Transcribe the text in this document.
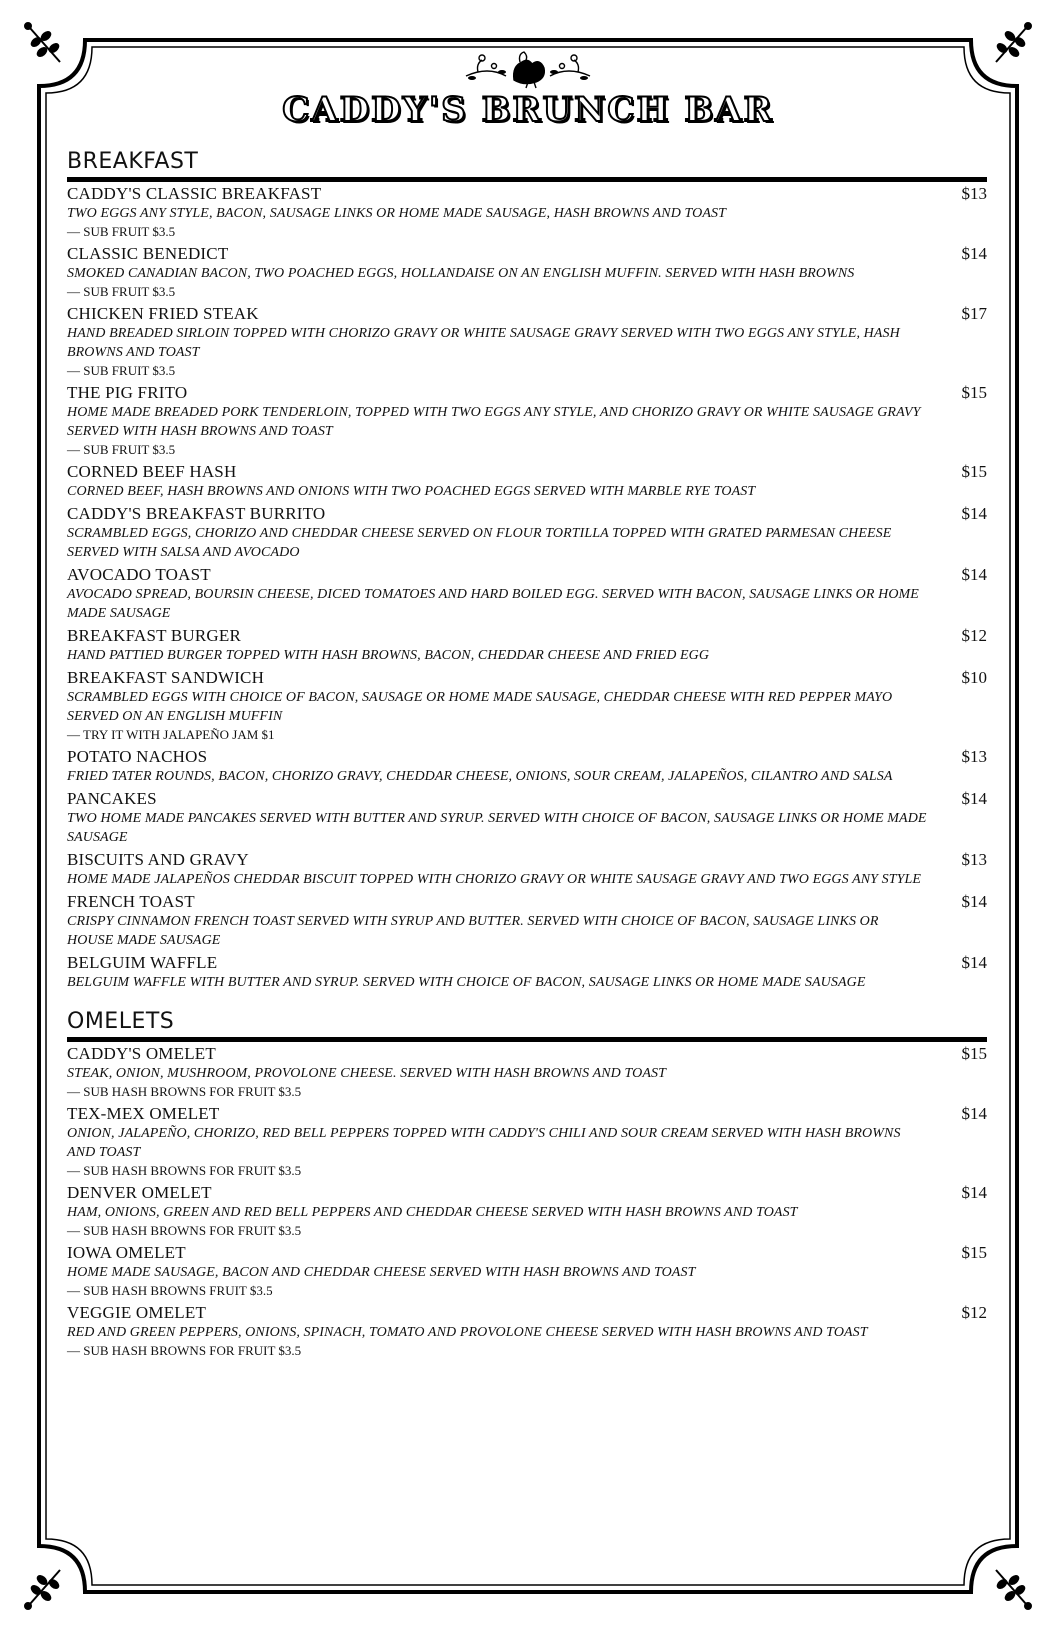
CADDY'S BRUNCH BAR
BREAKFAST
CADDY'S CLASSIC BREAKFAST	$13
TWO EGGS ANY STYLE, BACON, SAUSAGE LINKS OR HOME MADE SAUSAGE, HASH BROWNS AND TOAST
— SUB FRUIT $3.5
CLASSIC BENEDICT	$14
SMOKED CANADIAN BACON, TWO POACHED EGGS, HOLLANDAISE ON AN ENGLISH MUFFIN. SERVED WITH HASH BROWNS
— SUB FRUIT $3.5
CHICKEN FRIED STEAK	$17
HAND BREADED SIRLOIN TOPPED WITH CHORIZO GRAVY OR WHITE SAUSAGE GRAVY SERVED WITH TWO EGGS ANY STYLE, HASH BROWNS AND TOAST
— SUB FRUIT $3.5
THE PIG FRITO	$15
HOME MADE BREADED PORK TENDERLOIN, TOPPED WITH TWO EGGS ANY STYLE, AND CHORIZO GRAVY OR WHITE SAUSAGE GRAVY SERVED WITH HASH BROWNS AND TOAST
— SUB FRUIT $3.5
CORNED BEEF HASH	$15
CORNED BEEF, HASH BROWNS AND ONIONS WITH TWO POACHED EGGS SERVED WITH MARBLE RYE TOAST
CADDY'S BREAKFAST BURRITO	$14
SCRAMBLED EGGS, CHORIZO AND CHEDDAR CHEESE SERVED ON FLOUR TORTILLA TOPPED WITH GRATED PARMESAN CHEESE SERVED WITH SALSA AND AVOCADO
AVOCADO TOAST	$14
AVOCADO SPREAD, BOURSIN CHEESE, DICED TOMATOES AND HARD BOILED EGG. SERVED WITH BACON, SAUSAGE LINKS OR HOME MADE SAUSAGE
BREAKFAST BURGER	$12
HAND PATTIED BURGER TOPPED WITH HASH BROWNS, BACON, CHEDDAR CHEESE AND FRIED EGG
BREAKFAST SANDWICH	$10
SCRAMBLED EGGS WITH CHOICE OF BACON, SAUSAGE OR HOME MADE SAUSAGE, CHEDDAR CHEESE WITH RED PEPPER MAYO SERVED ON AN ENGLISH MUFFIN
— TRY IT WITH JALAPEÑO JAM $1
POTATO NACHOS	$13
FRIED TATER ROUNDS, BACON, CHORIZO GRAVY, CHEDDAR CHEESE, ONIONS, SOUR CREAM, JALAPEÑOS, CILANTRO AND SALSA
PANCAKES	$14
TWO HOME MADE PANCAKES SERVED WITH BUTTER AND SYRUP. SERVED WITH CHOICE OF BACON, SAUSAGE LINKS OR HOME MADE SAUSAGE
BISCUITS AND GRAVY	$13
HOME MADE JALAPEÑOS CHEDDAR BISCUIT TOPPED WITH CHORIZO GRAVY OR WHITE SAUSAGE GRAVY AND TWO EGGS ANY STYLE
FRENCH TOAST	$14
CRISPY CINNAMON FRENCH TOAST SERVED WITH SYRUP AND BUTTER. SERVED WITH CHOICE OF BACON, SAUSAGE LINKS OR HOUSE MADE SAUSAGE
BELGUIM WAFFLE	$14
BELGUIM WAFFLE WITH BUTTER AND SYRUP. SERVED WITH CHOICE OF BACON, SAUSAGE LINKS OR HOME MADE SAUSAGE
OMELETS
CADDY'S OMELET	$15
STEAK, ONION, MUSHROOM, PROVOLONE CHEESE. SERVED WITH HASH BROWNS AND TOAST
— SUB HASH BROWNS FOR FRUIT $3.5
TEX-MEX OMELET	$14
ONION, JALAPEÑO, CHORIZO, RED BELL PEPPERS TOPPED WITH CADDY'S CHILI AND SOUR CREAM SERVED WITH HASH BROWNS AND TOAST
— SUB HASH BROWNS FOR FRUIT $3.5
DENVER OMELET	$14
HAM, ONIONS, GREEN AND RED BELL PEPPERS AND CHEDDAR CHEESE SERVED WITH HASH BROWNS AND TOAST
— SUB HASH BROWNS FOR FRUIT $3.5
IOWA OMELET	$15
HOME MADE SAUSAGE, BACON AND CHEDDAR CHEESE SERVED WITH HASH BROWNS AND TOAST
— SUB HASH BROWNS FRUIT $3.5
VEGGIE OMELET	$12
RED AND GREEN PEPPERS, ONIONS, SPINACH, TOMATO AND PROVOLONE CHEESE SERVED WITH HASH BROWNS AND TOAST
— SUB HASH BROWNS FOR FRUIT $3.5
